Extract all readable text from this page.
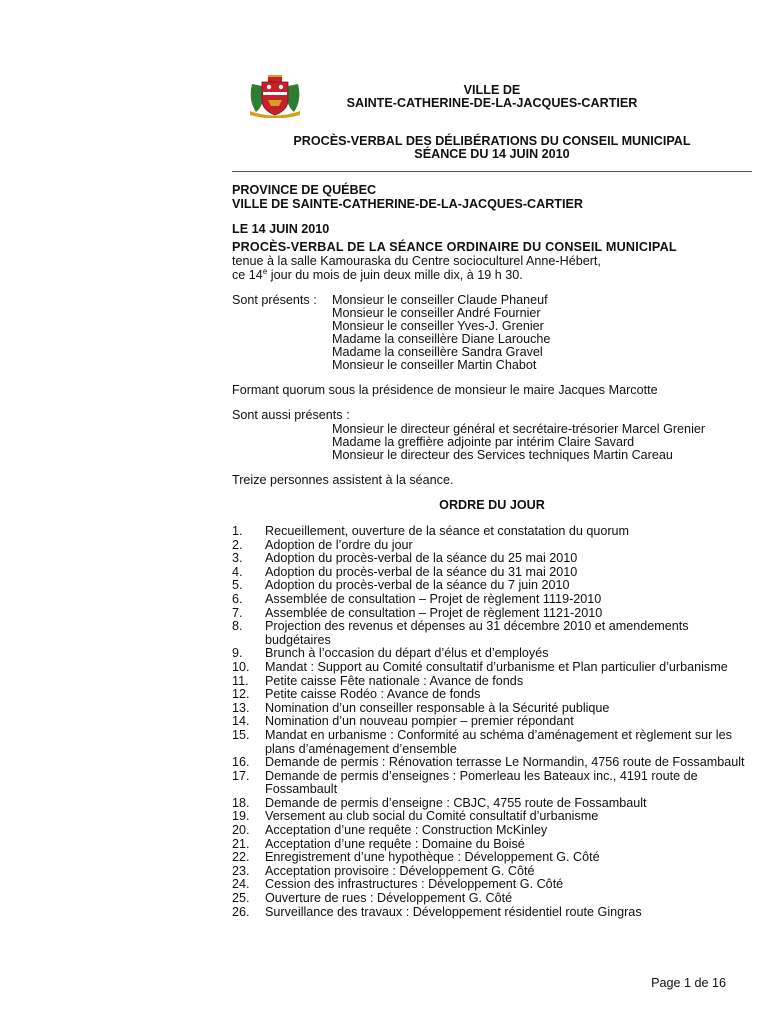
VILLE DE
SAINTE-CATHERINE-DE-LA-JACQUES-CARTIER
PROCÈS-VERBAL DES DÉLIBÉRATIONS DU CONSEIL MUNICIPAL
SÉANCE DU 14 JUIN 2010
PROVINCE DE QUÉBEC
VILLE DE SAINTE-CATHERINE-DE-LA-JACQUES-CARTIER
LE 14 JUIN 2010
PROCÈS-VERBAL DE LA SÉANCE ORDINAIRE DU CONSEIL MUNICIPAL
tenue à la salle Kamouraska du Centre socioculturel Anne-Hébert,
ce 14e jour du mois de juin deux mille dix, à 19 h 30.
Sont présents : Monsieur le conseiller Claude Phaneuf
Monsieur le conseiller André Fournier
Monsieur le conseiller Yves-J. Grenier
Madame la conseillère Diane Larouche
Madame la conseillère Sandra Gravel
Monsieur le conseiller Martin Chabot
Formant quorum sous la présidence de monsieur le maire Jacques Marcotte
Sont aussi présents :
Monsieur le directeur général et secrétaire-trésorier Marcel Grenier
Madame la greffière adjointe par intérim Claire Savard
Monsieur le directeur des Services techniques Martin Careau
Treize personnes assistent à la séance.
ORDRE DU JOUR
1.	Recueillement, ouverture de la séance et constatation du quorum
2.	Adoption de l’ordre du jour
3.	Adoption du procès-verbal de la séance du 25 mai 2010
4.	Adoption du procès-verbal de la séance du 31 mai 2010
5.	Adoption du procès-verbal de la séance du 7 juin 2010
6.	Assemblée de consultation – Projet de règlement 1119-2010
7.	Assemblée de consultation – Projet de règlement 1121-2010
8.	Projection des revenus et dépenses au 31 décembre 2010 et amendements budgétaires
9.	Brunch à l’occasion du départ d’élus et d’employés
10.	Mandat : Support au Comité consultatif d’urbanisme et Plan particulier d’urbanisme
11.	Petite caisse Fête nationale : Avance de fonds
12.	Petite caisse Rodéo : Avance de fonds
13.	Nomination d’un conseiller responsable à la Sécurité publique
14.	Nomination d’un nouveau pompier – premier répondant
15.	Mandat en urbanisme : Conformité au schéma d’aménagement et règlement sur les plans d’aménagement d’ensemble
16.	Demande de permis : Rénovation terrasse Le Normandin, 4756 route de Fossambault
17.	Demande de permis d’enseignes : Pomerleau les Bateaux inc., 4191 route de Fossambault
18.	Demande de permis d’enseigne : CBJC, 4755 route de Fossambault
19.	Versement au club social du Comité consultatif d’urbanisme
20.	Acceptation d’une requête : Construction McKinley
21.	Acceptation d’une requête : Domaine du Boisé
22.	Enregistrement d’une hypothèque : Développement G. Côté
23.	Acceptation provisoire : Développement G. Côté
24.	Cession des infrastructures : Développement G. Côté
25.	Ouverture de rues : Développement G. Côté
26.	Surveillance des travaux : Développement résidentiel route Gingras
Page 1 de 16
